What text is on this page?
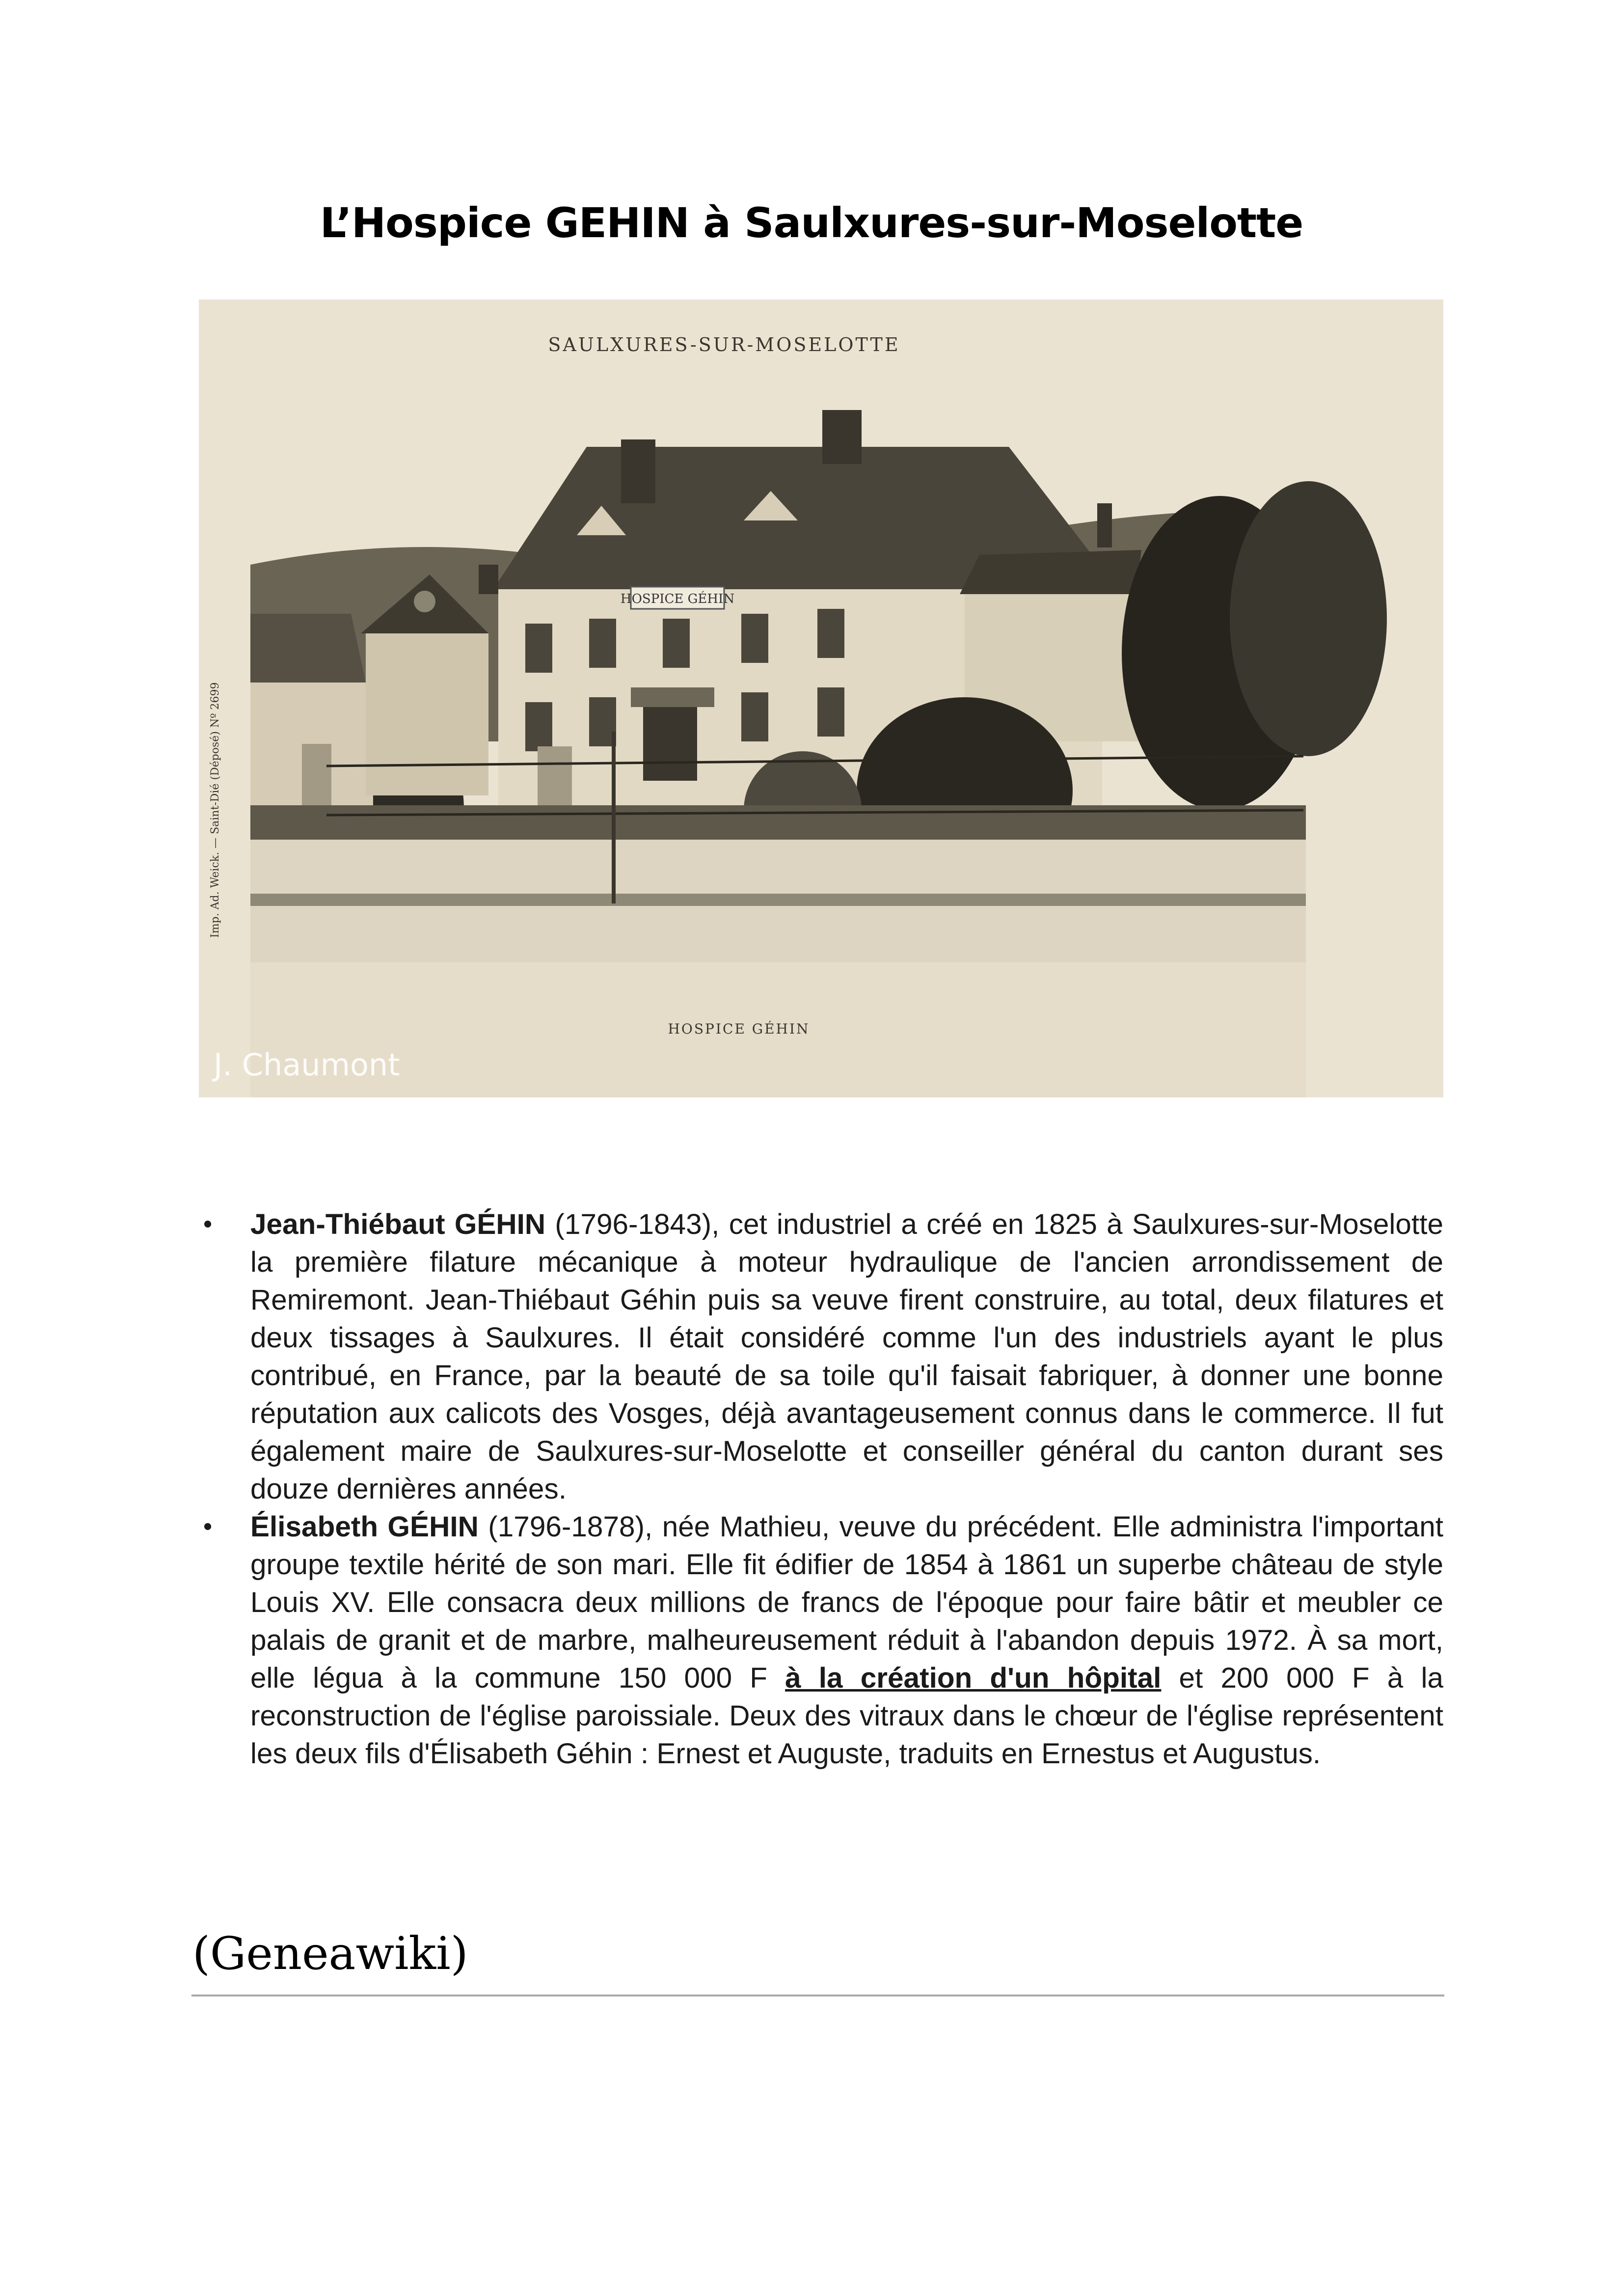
L’Hospice GEHIN à Saulxures-sur-Moselotte
HOSPICE GÉHIN
SAULXURES-SUR-MOSELOTTE
HOSPICE GÉHIN
Imp. Ad. Weick. — Saint-Dié (Déposé) Nº 2699
J. Chaumont
• Jean-Thiébaut GÉHIN (1796-1843), cet industriel a créé en 1825 à Saulxures-sur-Moselotte la première filature mécanique à moteur hydraulique de l'ancien arrondissement de Remiremont. Jean-Thiébaut Géhin puis sa veuve firent construire, au total, deux filatures et deux tissages à Saulxures. Il était considéré comme l'un des industriels ayant le plus contribué, en France, par la beauté de sa toile qu'il faisait fabriquer, à donner une bonne réputation aux calicots des Vosges, déjà avantageusement connus dans le commerce. Il fut également maire de Saulxures-sur-Moselotte et conseiller général du canton durant ses douze dernières années.
• Élisabeth GÉHIN (1796-1878), née Mathieu, veuve du précédent. Elle administra l'important groupe textile hérité de son mari. Elle fit édifier de 1854 à 1861 un superbe château de style Louis XV. Elle consacra deux millions de francs de l'époque pour faire bâtir et meubler ce palais de granit et de marbre, malheureusement réduit à l'abandon depuis 1972. À sa mort, elle légua à la commune 150 000 F à la création d'un hôpital et 200 000 F à la reconstruction de l'église paroissiale. Deux des vitraux dans le chœur de l'église représentent les deux fils d'Élisabeth Géhin : Ernest et Auguste, traduits en Ernestus et Augustus.

(Geneawiki)
